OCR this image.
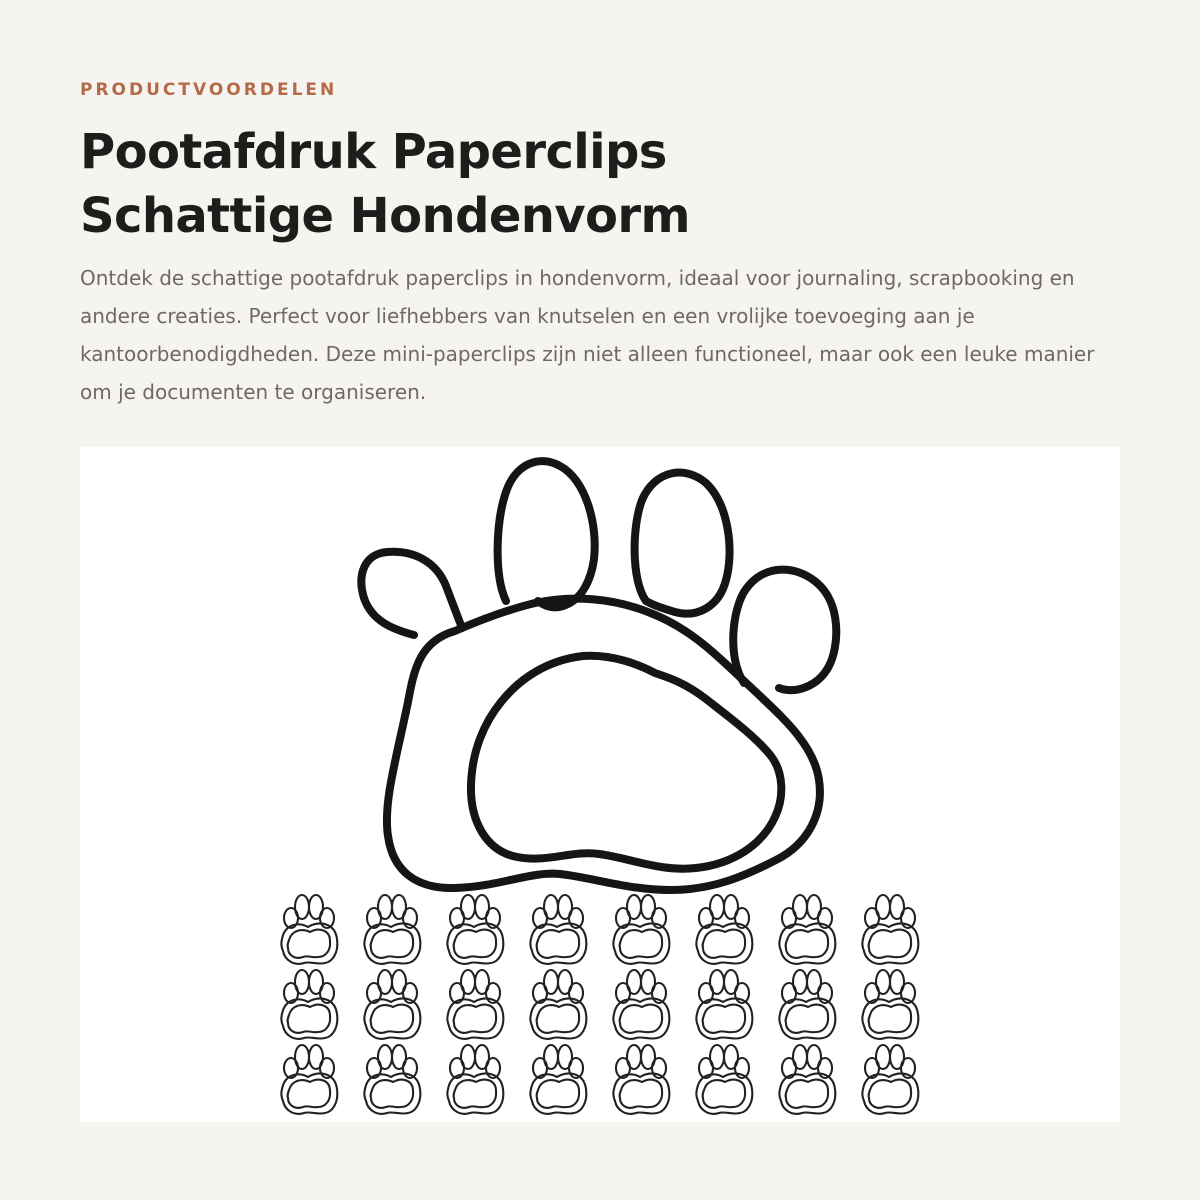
PRODUCTVOORDELEN
Pootafdruk Paperclips
Schattige Hondenvorm

Ontdek de schattige pootafdruk paperclips in hondenvorm, ideaal voor journaling, scrapbooking en andere creaties. Perfect voor liefhebbers van knutselen en een vrolijke toevoeging aan je kantoorbenodigdheden. Deze mini-paperclips zijn niet alleen functioneel, maar ook een leuke manier om je documenten te organiseren.
